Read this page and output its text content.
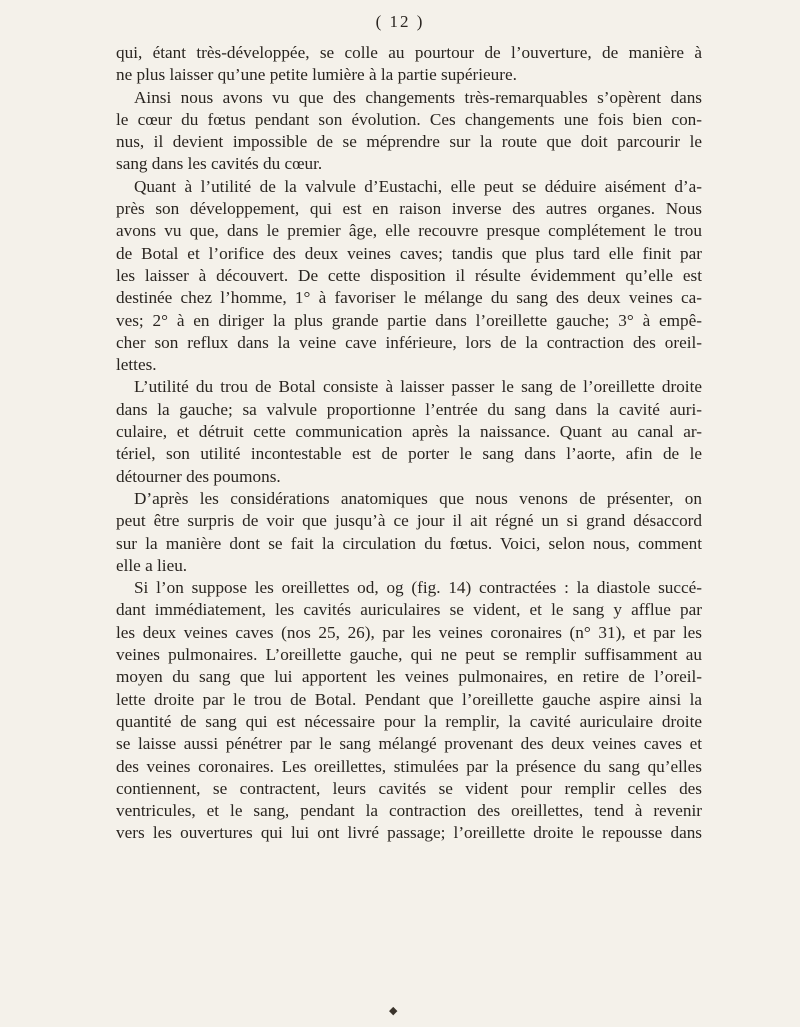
( 12 )
qui, étant très-développée, se colle au pourtour de l’ouverture, de manière à
ne plus laisser qu’une petite lumière à la partie supérieure.
Ainsi nous avons vu que des changements très-remarquables s’opèrent dans
le cœur du fœtus pendant son évolution. Ces changements une fois bien con-
nus, il devient impossible de se méprendre sur la route que doit parcourir le
sang dans les cavités du cœur.
Quant à l’utilité de la valvule d’Eustachi, elle peut se déduire aisément d’a-
près son développement, qui est en raison inverse des autres organes. Nous
avons vu que, dans le premier âge, elle recouvre presque complétement le trou
de Botal et l’orifice des deux veines caves; tandis que plus tard elle finit par
les laisser à découvert. De cette disposition il résulte évidemment qu’elle est
destinée chez l’homme, 1° à favoriser le mélange du sang des deux veines ca-
ves; 2° à en diriger la plus grande partie dans l’oreillette gauche; 3° à empê-
cher son reflux dans la veine cave inférieure, lors de la contraction des oreil-
lettes.
L’utilité du trou de Botal consiste à laisser passer le sang de l’oreillette droite
dans la gauche; sa valvule proportionne l’entrée du sang dans la cavité auri-
culaire, et détruit cette communication après la naissance. Quant au canal ar-
tériel, son utilité incontestable est de porter le sang dans l’aorte, afin de le
détourner des poumons.
D’après les considérations anatomiques que nous venons de présenter, on
peut être surpris de voir que jusqu’à ce jour il ait régné un si grand désaccord
sur la manière dont se fait la circulation du fœtus. Voici, selon nous, comment
elle a lieu.
Si l’on suppose les oreillettes od, og (fig. 14) contractées : la diastole succé-
dant immédiatement, les cavités auriculaires se vident, et le sang y afflue par
les deux veines caves (nos 25, 26), par les veines coronaires (n° 31), et par les
veines pulmonaires. L’oreillette gauche, qui ne peut se remplir suffisamment au
moyen du sang que lui apportent les veines pulmonaires, en retire de l’oreil-
lette droite par le trou de Botal. Pendant que l’oreillette gauche aspire ainsi la
quantité de sang qui est nécessaire pour la remplir, la cavité auriculaire droite
se laisse aussi pénétrer par le sang mélangé provenant des deux veines caves et
des veines coronaires. Les oreillettes, stimulées par la présence du sang qu’elles
contiennent, se contractent, leurs cavités se vident pour remplir celles des
ventricules, et le sang, pendant la contraction des oreillettes, tend à revenir
vers les ouvertures qui lui ont livré passage; l’oreillette droite le repousse dans
◆
